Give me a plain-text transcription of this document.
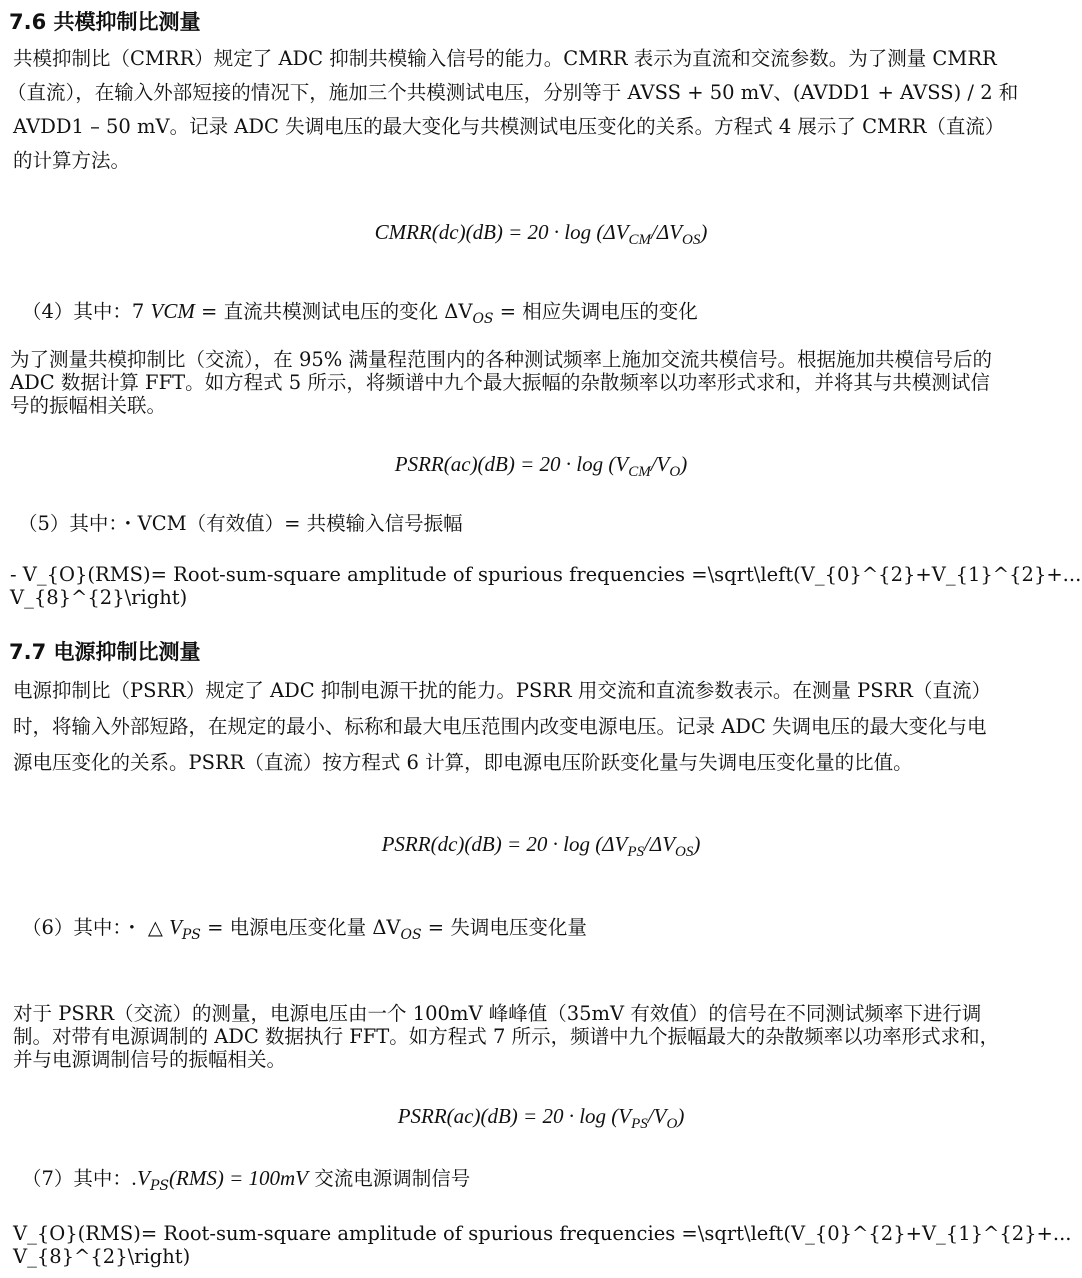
7.6 共模抑制比测量
共模抑制比（CMRR）规定了 ADC 抑制共模输入信号的能力。CMRR 表示为直流和交流参数。为了测量 CMRR
（直流），在输入外部短接的情况下，施加三个共模测试电压，分别等于 AVSS + 50 mV、(AVDD1 + AVSS) / 2 和
AVDD1 – 50 mV。记录 ADC 失调电压的最大变化与共模测试电压变化的关系。方程式 4 展示了 CMRR（直流）
的计算方法。
CMRR(dc)(dB) = $20 \cdot \log (\Delta V_{CM}/\Delta V_{OS})$
（4）其中：7 VCM = 直流共模测试电压的变化 $\Delta V_{OS}$ = 相应失调电压的变化
为了测量共模抑制比（交流），在 95% 满量程范围内的各种测试频率上施加交流共模信号。根据施加共模信号后的
ADC 数据计算 FFT。如方程式 5 所示，将频谱中九个最大振幅的杂散频率以功率形式求和，并将其与共模测试信
号的振幅相关联。
PSRR(ac)(dB) = $20 \cdot \log (V_{CM}/V_O)$
（5）其中：・VCM（有效值）= 共模输入信号振幅
- V_{O}(RMS)= Root-sum-square amplitude of spurious frequencies =\sqrt\left(V_{0}^{2}+V_{1}^{2}+...
V_{8}^{2}\right)
7.7 电源抑制比测量
电源抑制比（PSRR）规定了 ADC 抑制电源干扰的能力。PSRR 用交流和直流参数表示。在测量 PSRR（直流）
时，将输入外部短路，在规定的最小、标称和最大电压范围内改变电源电压。记录 ADC 失调电压的最大变化与电
源电压变化的关系。PSRR（直流）按方程式 6 计算，即电源电压阶跃变化量与失调电压变化量的比值。
PSRR(dc)(dB) = $20 \cdot \log (\Delta V_{PS}/\Delta V_{OS})$
（6）其中：・ △ $V_{PS}$ = 电源电压变化量 $\Delta V_{OS}$ = 失调电压变化量
对于 PSRR（交流）的测量，电源电压由一个 100mV 峰峰值（35mV 有效值）的信号在不同测试频率下进行调
制。对带有电源调制的 ADC 数据执行 FFT。如方程式 7 所示，频谱中九个振幅最大的杂散频率以功率形式求和，
并与电源调制信号的振幅相关。
PSRR(ac)(dB) = $20 \cdot \log (V_{PS}/V_O)$
（7）其中：$.V_{PS}(RMS) = 100mV$ 交流电源调制信号
V_{O}(RMS)= Root-sum-square amplitude of spurious frequencies =\sqrt\left(V_{0}^{2}+V_{1}^{2}+...
V_{8}^{2}\right)
